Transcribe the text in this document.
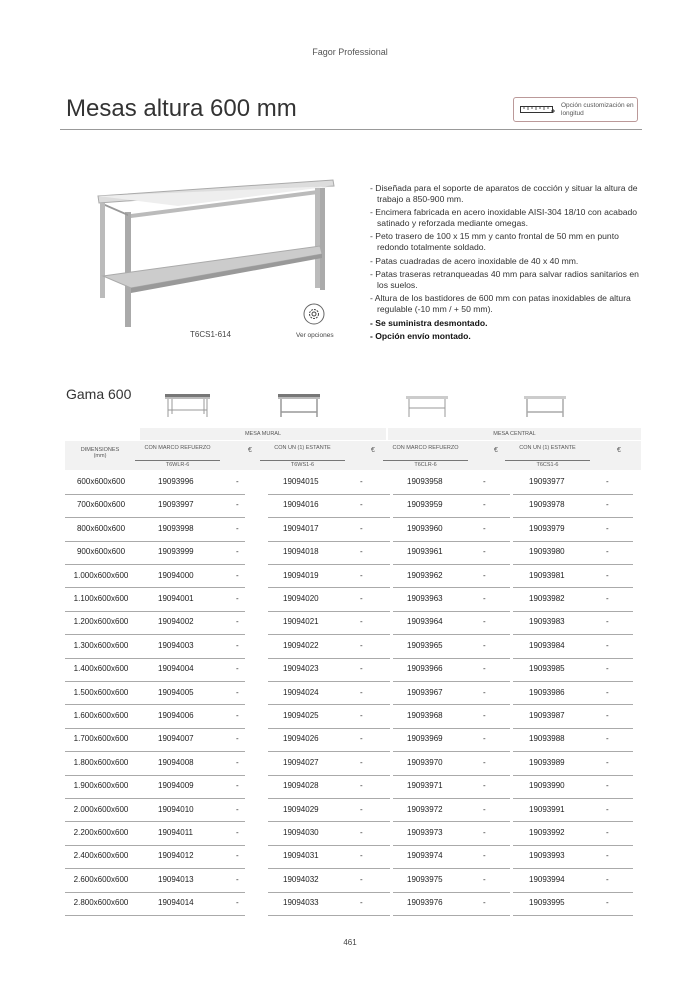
Fagor Professional
Mesas altura 600 mm	Opción customización en longitud
T6CS1-614	Ver opciones
- Diseñada para el soporte de aparatos de cocción y situar la altura de trabajo a 850-900 mm.
- Encimera fabricada en acero inoxidable AISI-304 18/10 con acabado satinado y reforzada mediante omegas.
- Peto trasero de 100 x 15 mm y canto frontal de 50 mm en punto redondo totalmente soldado.
- Patas cuadradas de acero inoxidable de 40 x 40 mm.
- Patas traseras retranqueadas 40 mm para salvar radios sanitarios en los suelos.
- Altura de los bastidores de 600 mm con patas inoxidables de altura regulable (-10 mm / + 50 mm).
- Se suministra desmontado.
- Opción envío montado.
Gama 600
MESA MURAL	MESA CENTRAL
DIMENSIONES (mm)
CON MARCO REFUERZO
T6WLR-6
€	CON UN (1) ESTANTE
T6WS1-6
€	CON MARCO REFUERZO
T6CLR-6
€	CON UN (1) ESTANTE
T6CS1-6
€
600x600x600	19093996	-	19094015	-	19093958	-	19093977	-
700x600x600	19093997	-	19094016	-	19093959	-	19093978	-
800x600x600	19093998	-	19094017	-	19093960	-	19093979	-
900x600x600	19093999	-	19094018	-	19093961	-	19093980	-
1.000x600x600	19094000	-	19094019	-	19093962	-	19093981	-
1.100x600x600	19094001	-	19094020	-	19093963	-	19093982	-
1.200x600x600	19094002	-	19094021	-	19093964	-	19093983	-
1.300x600x600	19094003	-	19094022	-	19093965	-	19093984	-
1.400x600x600	19094004	-	19094023	-	19093966	-	19093985	-
1.500x600x600	19094005	-	19094024	-	19093967	-	19093986	-
1.600x600x600	19094006	-	19094025	-	19093968	-	19093987	-
1.700x600x600	19094007	-	19094026	-	19093969	-	19093988	-
1.800x600x600	19094008	-	19094027	-	19093970	-	19093989	-
1.900x600x600	19094009	-	19094028	-	19093971	-	19093990	-
2.000x600x600	19094010	-	19094029	-	19093972	-	19093991	-
2.200x600x600	19094011	-	19094030	-	19093973	-	19093992	-
2.400x600x600	19094012	-	19094031	-	19093974	-	19093993	-
2.600x600x600	19094013	-	19094032	-	19093975	-	19093994	-
2.800x600x600	19094014	-	19094033	-	19093976	-	19093995	-
461
